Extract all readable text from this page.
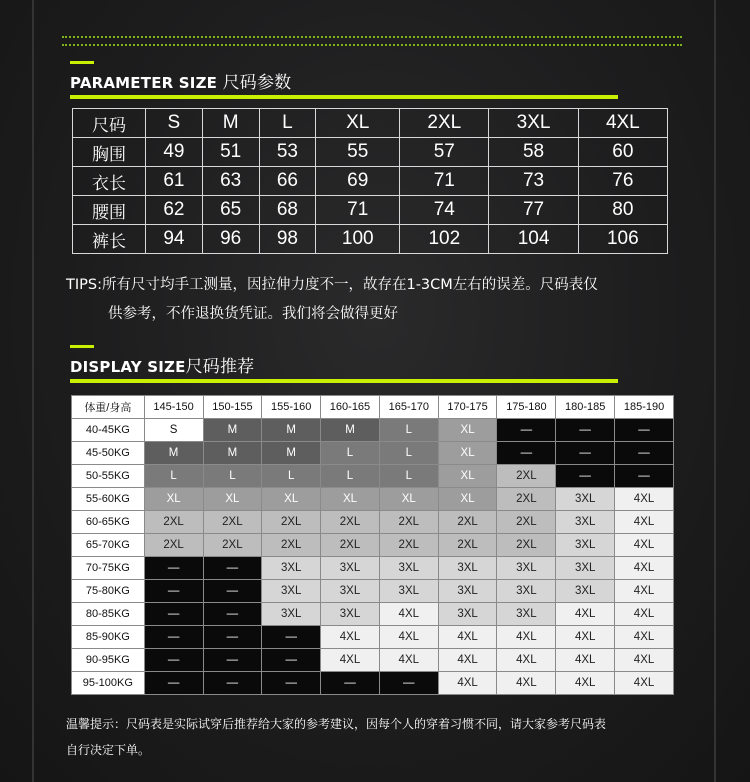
PARAMETER SIZE 尺码参数
尺码	S	M	L	XL	2XL	3XL	4XL
胸围	49	51	53	55	57	58	60
衣长	61	63	66	69	71	73	76
腰围	62	65	68	71	74	77	80
裤长	94	96	98	100	102	104	106
TIPS:所有尺寸均手工测量，因拉伸力度不一，故存在1-3CM左右的误差。尺码表仅
供参考，不作退换货凭证。我们将会做得更好
DISPLAY SIZE尺码推荐
体重/身高	145-150	150-155	155-160	160-165	165-170	170-175	175-180	180-185	185-190
40-45KG	S	M	M	M	L	XL	—	—	—
45-50KG	M	M	M	L	L	XL	—	—	—
50-55KG	L	L	L	L	L	XL	2XL	—	—
55-60KG	XL	XL	XL	XL	XL	XL	2XL	3XL	4XL
60-65KG	2XL	2XL	2XL	2XL	2XL	2XL	2XL	3XL	4XL
65-70KG	2XL	2XL	2XL	2XL	2XL	2XL	2XL	3XL	4XL
70-75KG	—	—	3XL	3XL	3XL	3XL	3XL	3XL	4XL
75-80KG	—	—	3XL	3XL	3XL	3XL	3XL	3XL	4XL
80-85KG	—	—	3XL	3XL	4XL	3XL	3XL	4XL	4XL
85-90KG	—	—	—	4XL	4XL	4XL	4XL	4XL	4XL
90-95KG	—	—	—	4XL	4XL	4XL	4XL	4XL	4XL
95-100KG	—	—	—	—	—	4XL	4XL	4XL	4XL
温馨提示：尺码表是实际试穿后推荐给大家的参考建议，因每个人的穿着习惯不同，请大家参考尺码表
自行决定下单。
